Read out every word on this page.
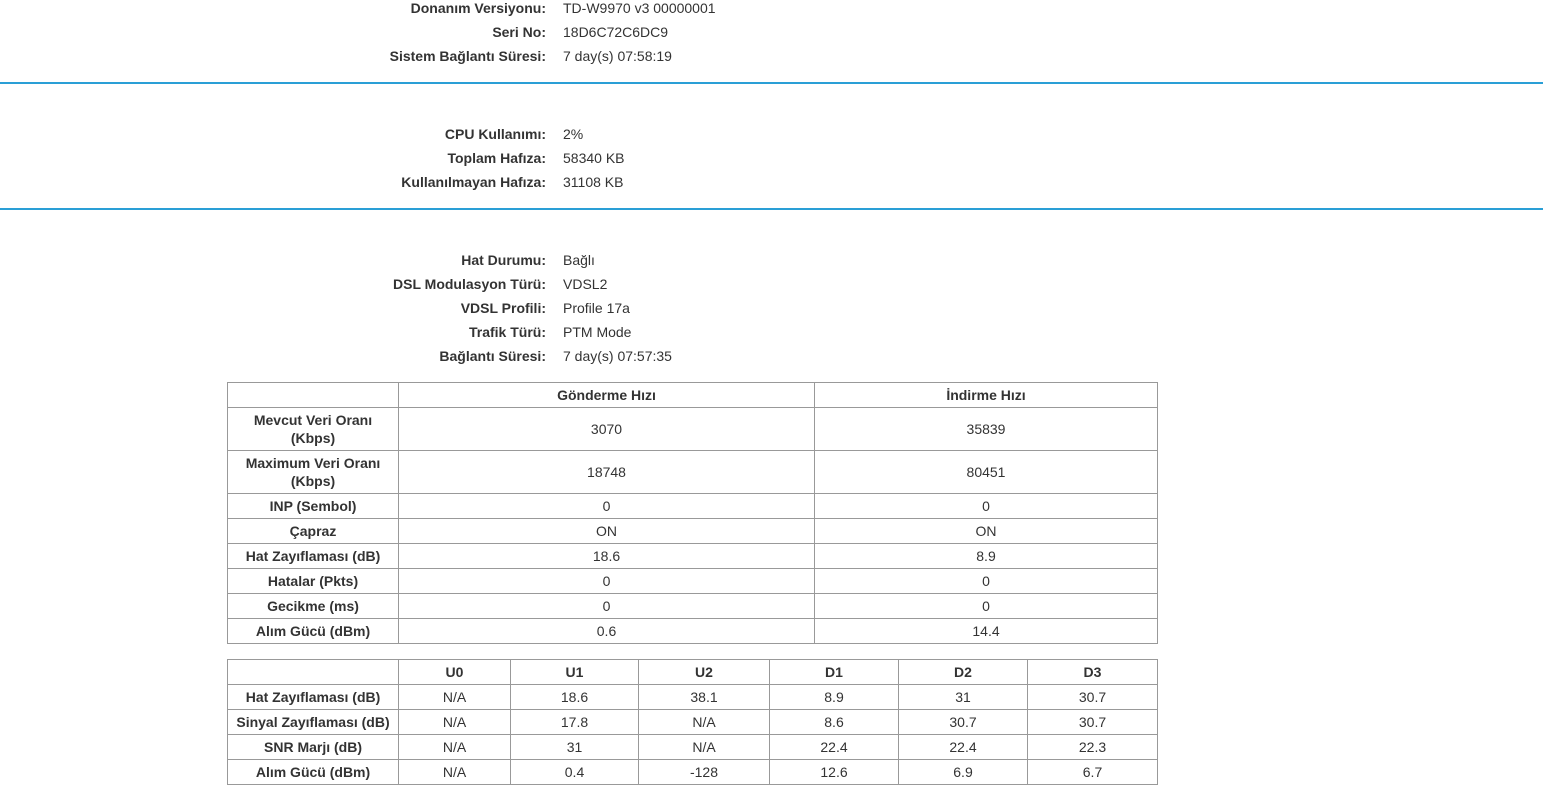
Donanım Versiyonu: TD-W9970 v3 00000001
Seri No: 18D6C72C6DC9
Sistem Bağlantı Süresi: 7 day(s) 07:58:19
CPU Kullanımı: 2%
Toplam Hafıza: 58340 KB
Kullanılmayan Hafıza: 31108 KB
Hat Durumu: Bağlı
DSL Modulasyon Türü: VDSL2
VDSL Profili: Profile 17a
Trafik Türü: PTM Mode
Bağlantı Süresi: 7 day(s) 07:57:35
	Gönderme Hızı	İndirme Hızı
Mevcut Veri Oranı (Kbps)	3070	35839
Maximum Veri Oranı (Kbps)	18748	80451
INP (Sembol)	0	0
Çapraz	ON	ON
Hat Zayıflaması (dB)	18.6	8.9
Hatalar (Pkts)	0	0
Gecikme (ms)	0	0
Alım Gücü (dBm)	0.6	14.4
	U0	U1	U2	D1	D2	D3
Hat Zayıflaması (dB)	N/A	18.6	38.1	8.9	31	30.7
Sinyal Zayıflaması (dB)	N/A	17.8	N/A	8.6	30.7	30.7
SNR Marjı (dB)	N/A	31	N/A	22.4	22.4	22.3
Alım Gücü (dBm)	N/A	0.4	-128	12.6	6.9	6.7
